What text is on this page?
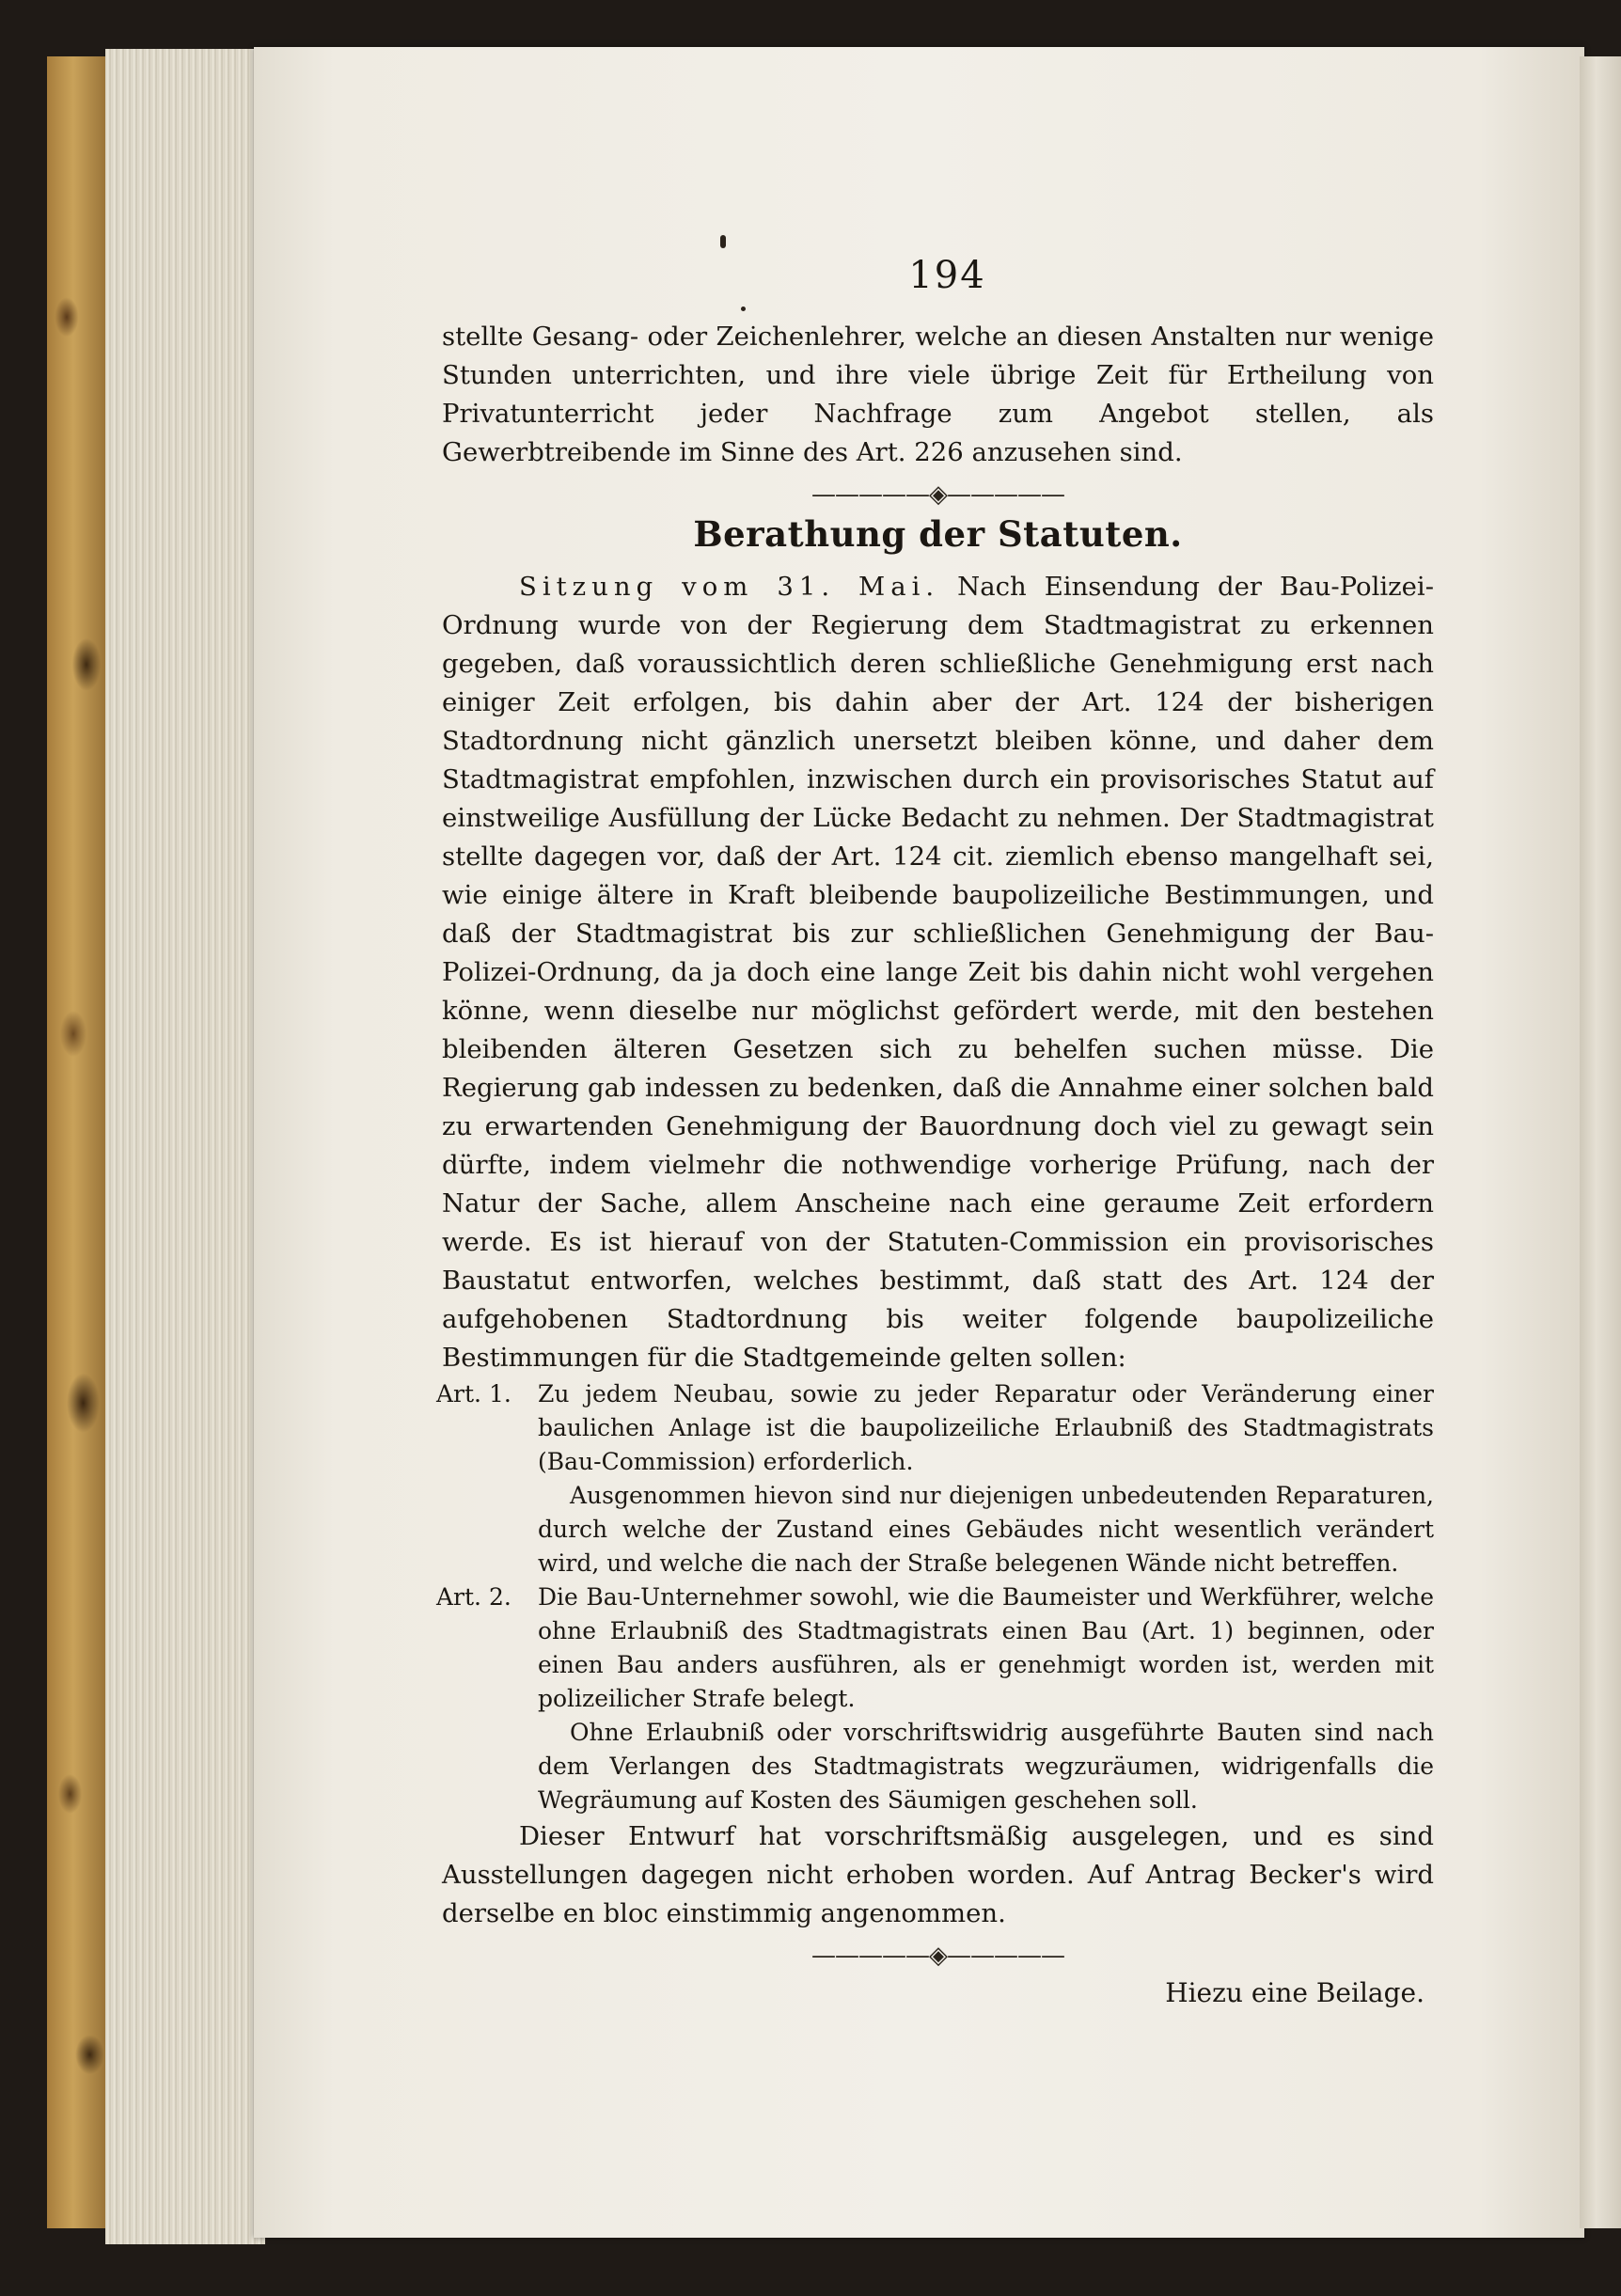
194

stellte Gesang- oder Zeichenlehrer, welche an diesen Anstalten nur wenige Stunden unterrichten, und ihre viele übrige Zeit für Ertheilung von Privatunterricht jeder Nachfrage zum Angebot stellen, als Gewerbtreibende im Sinne des Art. 226 anzusehen sind.

—————◈—————
Berathung der Statuten.

Sitzung vom 31. Mai. Nach Einsendung der Bau-Polizei-Ordnung wurde von der Regierung dem Stadtmagistrat zu erkennen gegeben, daß voraussichtlich deren schließliche Genehmigung erst nach einiger Zeit erfolgen, bis dahin aber der Art. 124 der bisherigen Stadtordnung nicht gänzlich unersetzt bleiben könne, und daher dem Stadtmagistrat empfohlen, inzwischen durch ein provisorisches Statut auf einstweilige Ausfüllung der Lücke Bedacht zu nehmen. Der Stadtmagistrat stellte dagegen vor, daß der Art. 124 cit. ziemlich ebenso mangelhaft sei, wie einige ältere in Kraft bleibende baupolizeiliche Bestimmungen, und daß der Stadtmagistrat bis zur schließlichen Genehmigung der Bau-Polizei-Ordnung, da ja doch eine lange Zeit bis dahin nicht wohl vergehen könne, wenn dieselbe nur möglichst gefördert werde, mit den bestehen bleibenden älteren Gesetzen sich zu behelfen suchen müsse. Die Regierung gab indessen zu bedenken, daß die Annahme einer solchen bald zu erwartenden Genehmigung der Bauordnung doch viel zu gewagt sein dürfte, indem vielmehr die nothwendige vorherige Prüfung, nach der Natur der Sache, allem Anscheine nach eine geraume Zeit erfordern werde. Es ist hierauf von der Statuten-Commission ein provisorisches Baustatut entworfen, welches bestimmt, daß statt des Art. 124 der aufgehobenen Stadtordnung bis weiter folgende baupolizeiliche Bestimmungen für die Stadtgemeinde gelten sollen:

Art. 1.	Zu jedem Neubau, sowie zu jeder Reparatur oder Veränderung einer baulichen Anlage ist die baupolizeiliche Erlaubniß des Stadtmagistrats (Bau-Commission) erforderlich.

Ausgenommen hievon sind nur diejenigen unbedeutenden Reparaturen, durch welche der Zustand eines Gebäudes nicht wesentlich verändert wird, und welche die nach der Straße belegenen Wände nicht betreffen.

Art. 2.	Die Bau-Unternehmer sowohl, wie die Baumeister und Werkführer, welche ohne Erlaubniß des Stadtmagistrats einen Bau (Art. 1) beginnen, oder einen Bau anders ausführen, als er genehmigt worden ist, werden mit polizeilicher Strafe belegt.

Ohne Erlaubniß oder vorschriftswidrig ausgeführte Bauten sind nach dem Verlangen des Stadtmagistrats wegzuräumen, widrigenfalls die Wegräumung auf Kosten des Säumigen geschehen soll.

Dieser Entwurf hat vorschriftsmäßig ausgelegen, und es sind Ausstellungen dagegen nicht erhoben worden. Auf Antrag Becker's wird derselbe en bloc einstimmig angenommen.

—————◈—————
Hiezu eine Beilage.
